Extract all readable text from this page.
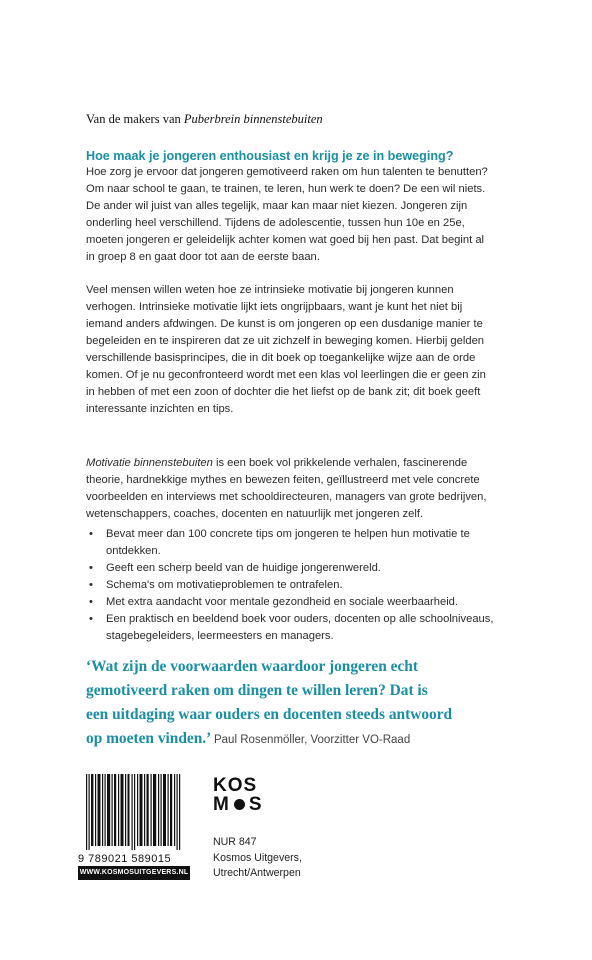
Van de makers van Puberbrein binnenstebuiten
Hoe maak je jongeren enthousiast en krijg je ze in beweging?

Hoe zorg je ervoor dat jongeren gemotiveerd raken om hun talenten te benutten?

Om naar school te gaan, te trainen, te leren, hun werk te doen? De een wil niets.

De ander wil juist van alles tegelijk, maar kan maar niet kiezen. Jongeren zijn

onderling heel verschillend. Tijdens de adolescentie, tussen hun 10e en 25e,

moeten jongeren er geleidelijk achter komen wat goed bij hen past. Dat begint al

in groep 8 en gaat door tot aan de eerste baan.

Veel mensen willen weten hoe ze intrinsieke motivatie bij jongeren kunnen

verhogen. Intrinsieke motivatie lijkt iets ongrijpbaars, want je kunt het niet bij

iemand anders afdwingen. De kunst is om jongeren op een dusdanige manier te

begeleiden en te inspireren dat ze uit zichzelf in beweging komen. Hierbij gelden

verschillende basisprincipes, die in dit boek op toegankelijke wijze aan de orde

komen. Of je nu geconfronteerd wordt met een klas vol leerlingen die er geen zin

in hebben of met een zoon of dochter die het liefst op de bank zit; dit boek geeft

interessante inzichten en tips.

Motivatie binnenstebuiten is een boek vol prikkelende verhalen, fascinerende

theorie, hardnekkige mythes en bewezen feiten, geïllustreerd met vele concrete

voorbeelden en interviews met schooldirecteuren, managers van grote bedrijven,

wetenschappers, coaches, docenten en natuurlijk met jongeren zelf.

• Bevat meer dan 100 concrete tips om jongeren te helpen hun motivatie te
ontdekken.
• Geeft een scherp beeld van de huidige jongerenwereld.
• Schema's om motivatieproblemen te ontrafelen.
• Met extra aandacht voor mentale gezondheid en sociale weerbaarheid.
• Een praktisch en beeldend boek voor ouders, docenten op alle schoolniveaus,
stagebegeleiders, leermeesters en managers.
‘Wat zijn de voorwaarden waardoor jongeren echt
gemotiveerd raken om dingen te willen leren? Dat is
een uitdaging waar ouders en docenten steeds antwoord
op moeten vinden.’ Paul Rosenmöller, Voorzitter VO-Raad
9 789021 589015
WWW.KOSMOSUITGEVERS.NL
KOS
M S
NUR 847
Kosmos Uitgevers,
Utrecht/Antwerpen
